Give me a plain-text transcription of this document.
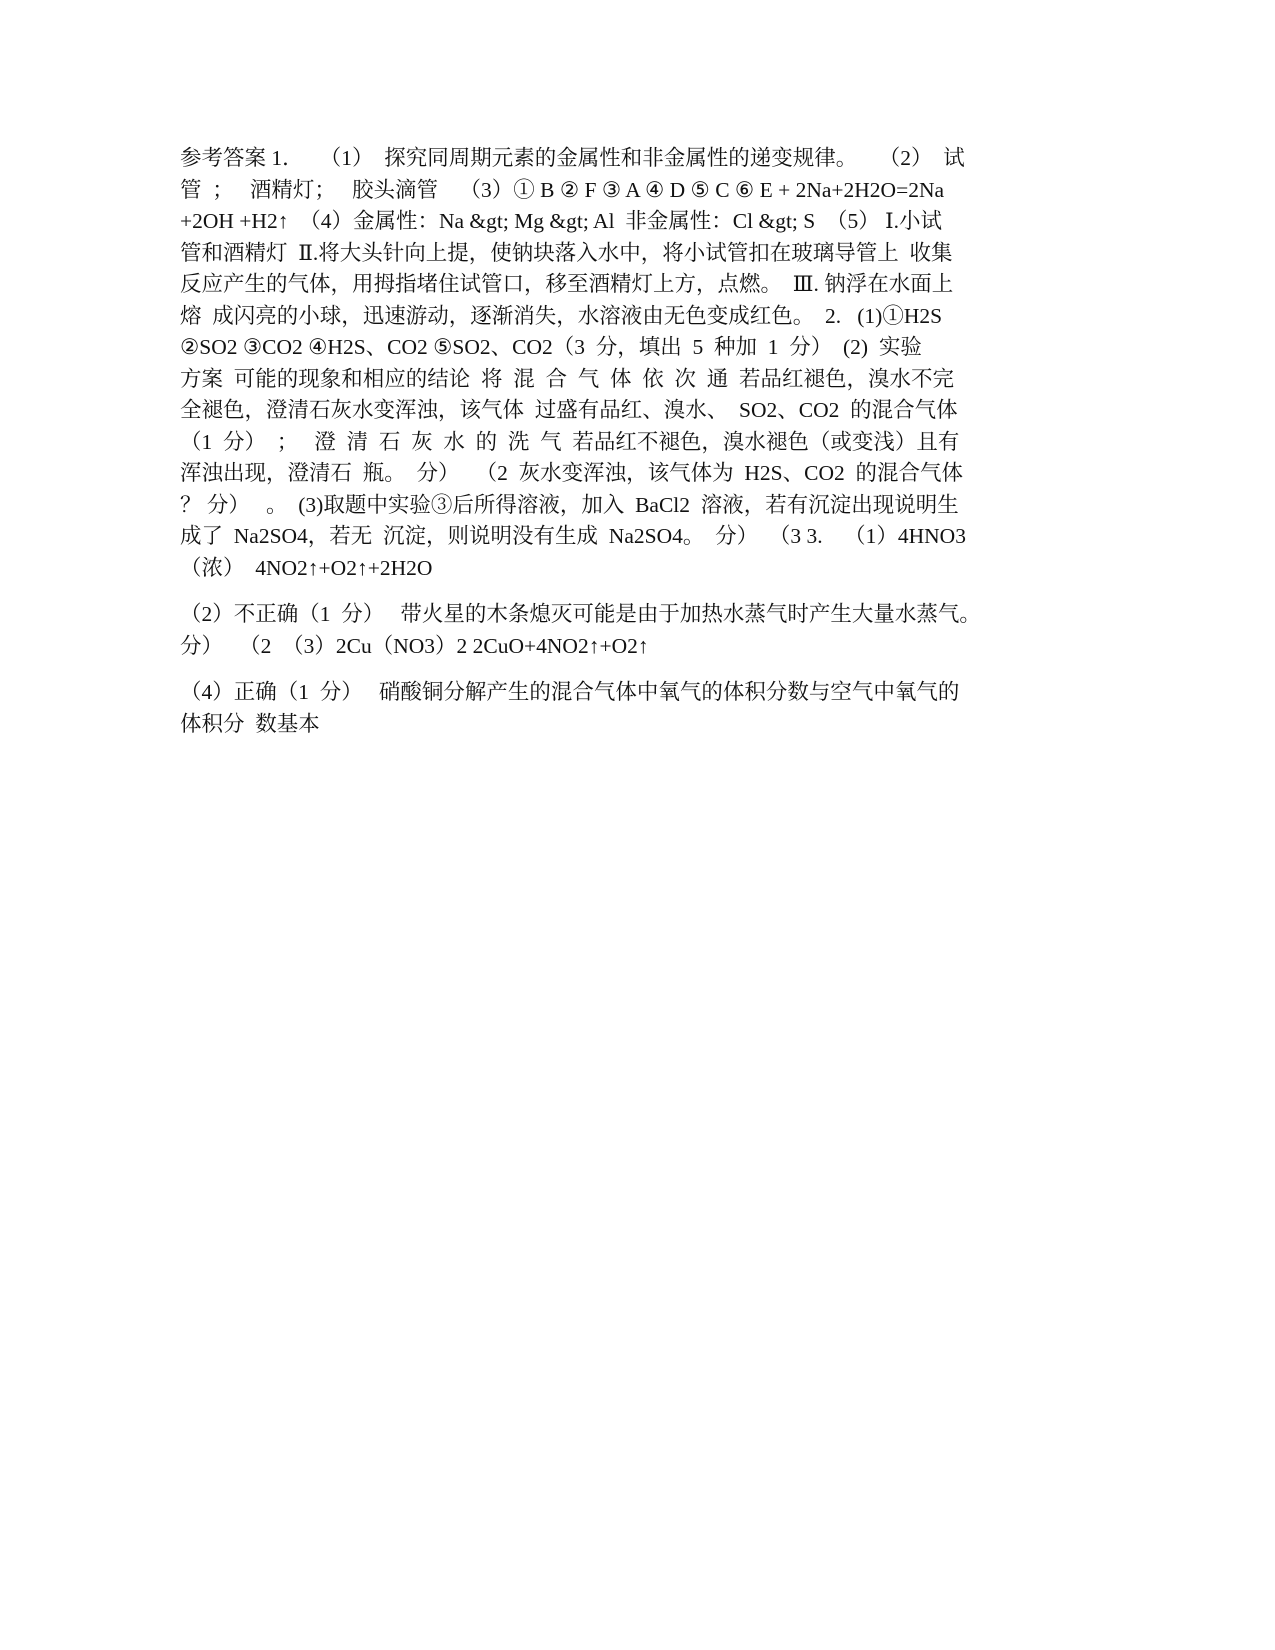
参考答案 1．   （1）  探究同周期元素的金属性和非金属性的递变规律。    （2）  试
管  ；   酒精灯；   胶头滴管    （3）① B ② F ③ A ④ D ⑤ C ⑥ E + 2Na+2H2O=2Na
+2OH +H2↑  （4）金属性：Na &gt; Mg &gt; Al  非金属性：Cl &gt; S  （5） Ⅰ.小试
管和酒精灯  Ⅱ.将大头针向上提，使钠块落入水中，将小试管扣在玻璃导管上  收集
反应产生的气体，用拇指堵住试管口，移至酒精灯上方，点燃。  Ⅲ. 钠浮在水面上
熔  成闪亮的小球，迅速游动，逐渐消失，水溶液由无色变成红色。  2.   (1)①H2S
②SO2 ③CO2 ④H2S、CO2 ⑤SO2、CO2（3  分，填出  5  种加  1  分）  (2)  实验
方案  可能的现象和相应的结论  将  混  合  气  体  依  次  通  若品红褪色，溴水不完
全褪色，澄清石灰水变浑浊，该气体  过盛有品红、溴水、  SO2、CO2  的混合气体
（1  分）  ；   澄  清  石  灰  水  的  洗  气  若品红不褪色，溴水褪色（或变浅）且有
浑浊出现，澄清石  瓶。  分）   （2  灰水变浑浊，该气体为  H2S、CO2  的混合气体
？ 分）   。  (3)取题中实验③后所得溶液，加入  BaCl2  溶液，若有沉淀出现说明生
成了  Na2SO4，若无  沉淀，则说明没有生成  Na2SO4。  分）  （3 3.    （1）4HNO3
（浓）  4NO2↑+O2↑+2H2O
（2）不正确（1  分）   带火星的木条熄灭可能是由于加热水蒸气时产生大量水蒸气。
分）   （2  （3）2Cu（NO3）2 2CuO+4NO2↑+O2↑
（4）正确（1  分）   硝酸铜分解产生的混合气体中氧气的体积分数与空气中氧气的
体积分  数基本
